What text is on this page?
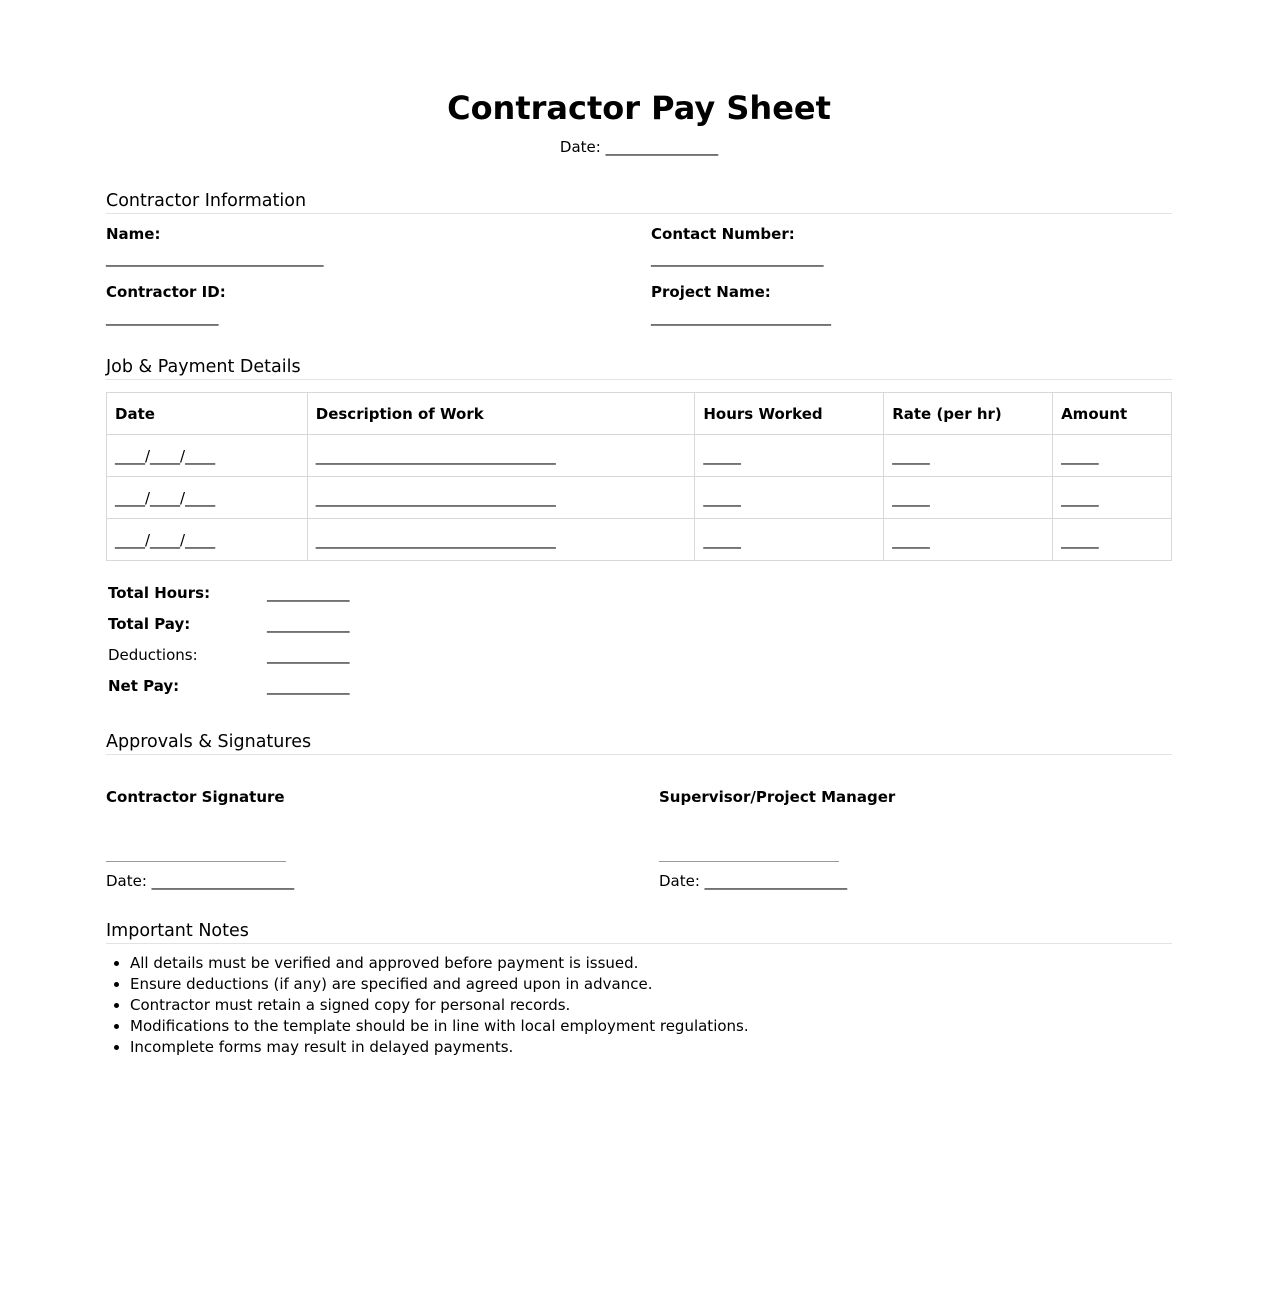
Contractor Pay Sheet
Date: _______________
Contractor Information
Name:
_____________________________
Contact Number:
_______________________
Contractor ID:
_______________
Project Name:
________________________
Job & Payment Details
Date	Description of Work	Hours Worked	Rate (per hr)	Amount
____/____/____	________________________________	_____	_____	_____
____/____/____	________________________________	_____	_____	_____
____/____/____	________________________________	_____	_____	_____
Total Hours:	___________
Total Pay:	___________
Deductions:	___________
Net Pay:	___________
Approvals & Signatures
Contractor Signature
Date: ___________________
Supervisor/Project Manager
Date: ___________________
Important Notes
• All details must be verified and approved before payment is issued.
• Ensure deductions (if any) are specified and agreed upon in advance.
• Contractor must retain a signed copy for personal records.
• Modifications to the template should be in line with local employment regulations.
• Incomplete forms may result in delayed payments.
